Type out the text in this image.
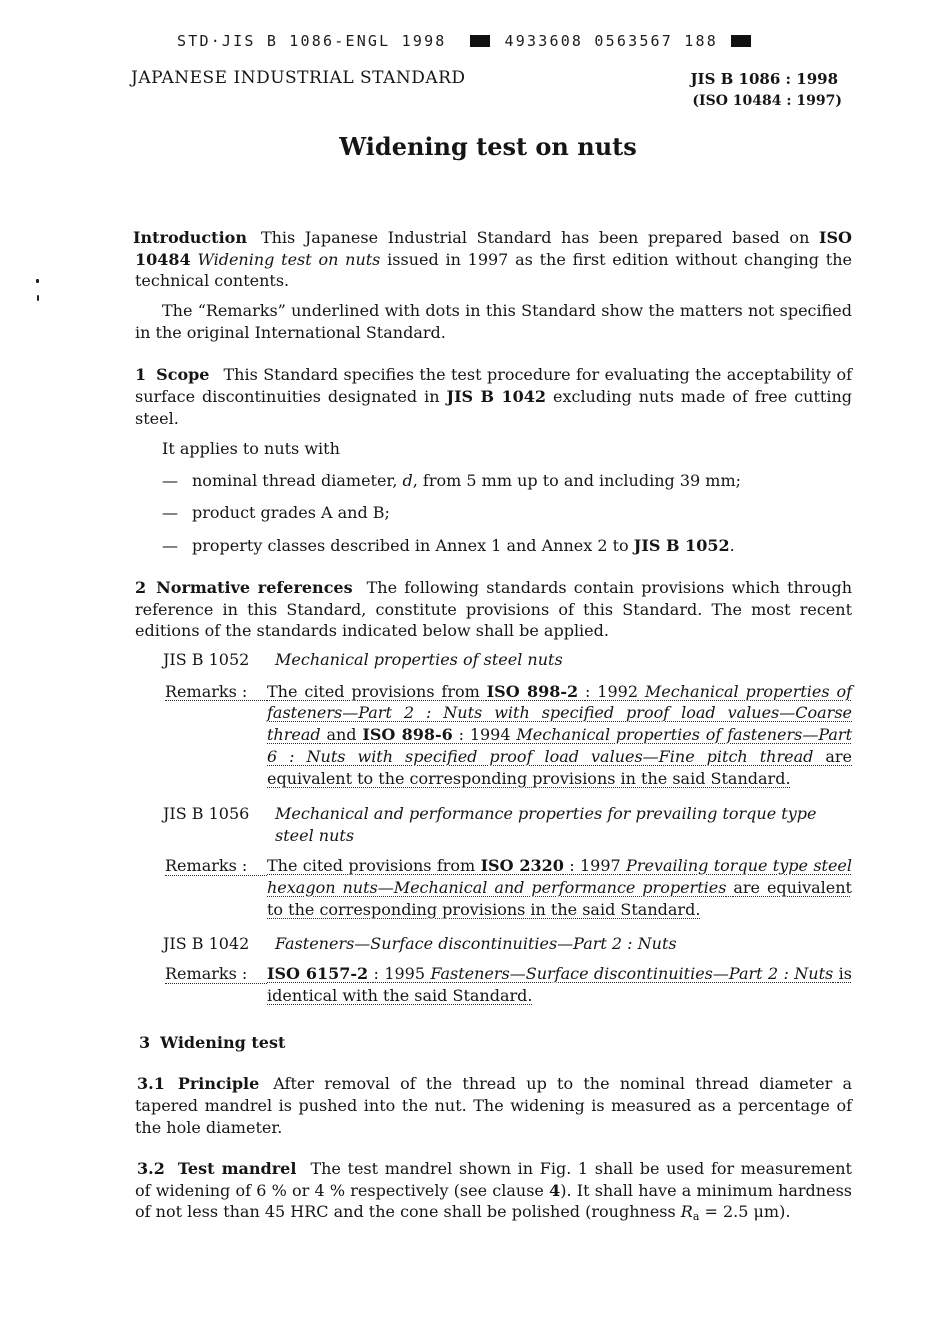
STD·JIS B 1086-ENGL 1998	4933608 0563567 188
JAPANESE INDUSTRIAL STANDARD	JIS B 1086 : 1998
(ISO 10484 : 1997)
Widening test on nuts

Introduction This Japanese Industrial Standard has been prepared based on ISO 10484 Widening test on nuts issued in 1997 as the first edition without changing the technical contents.

The “Remarks” underlined with dots in this Standard show the matters not specified in the original International Standard.

1 Scope This Standard specifies the test procedure for evaluating the acceptability of surface discontinuities designated in JIS B 1042 excluding nuts made of free cutting steel.

It applies to nuts with

— nominal thread diameter, d, from 5 mm up to and including 39 mm;
— product grades A and B;
— property classes described in Annex 1 and Annex 2 to JIS B 1052.

2 Normative references The following standards contain provisions which through reference in this Standard, constitute provisions of this Standard. The most recent editions of the standards indicated below shall be applied.

JIS B 1052 Mechanical properties of steel nuts
Remarks :	The cited provisions from ISO 898-2 : 1992 Mechanical properties of fasteners—Part 2 : Nuts with specified proof load values—Coarse thread and ISO 898-6 : 1994 Mechanical properties of fasteners—Part 6 : Nuts with specified proof load values—Fine pitch thread are equivalent to the corresponding provisions in the said Standard.
JIS B 1056 Mechanical and performance properties for prevailing torque type steel nuts
Remarks :	The cited provisions from ISO 2320 : 1997 Prevailing torque type steel hexagon nuts—Mechanical and performance properties are equivalent to the corresponding provisions in the said Standard.
JIS B 1042 Fasteners—Surface discontinuities—Part 2 : Nuts
Remarks :	ISO 6157-2 : 1995 Fasteners—Surface discontinuities—Part 2 : Nuts is identical with the said Standard.

3 Widening test

3.1 Principle After removal of the thread up to the nominal thread diameter a tapered mandrel is pushed into the nut. The widening is measured as a percentage of the hole diameter.

3.2 Test mandrel The test mandrel shown in Fig. 1 shall be used for measurement of widening of 6 % or 4 % respectively (see clause 4). It shall have a minimum hardness of not less than 45 HRC and the cone shall be polished (roughness $R_a = 2.5$ μm).
